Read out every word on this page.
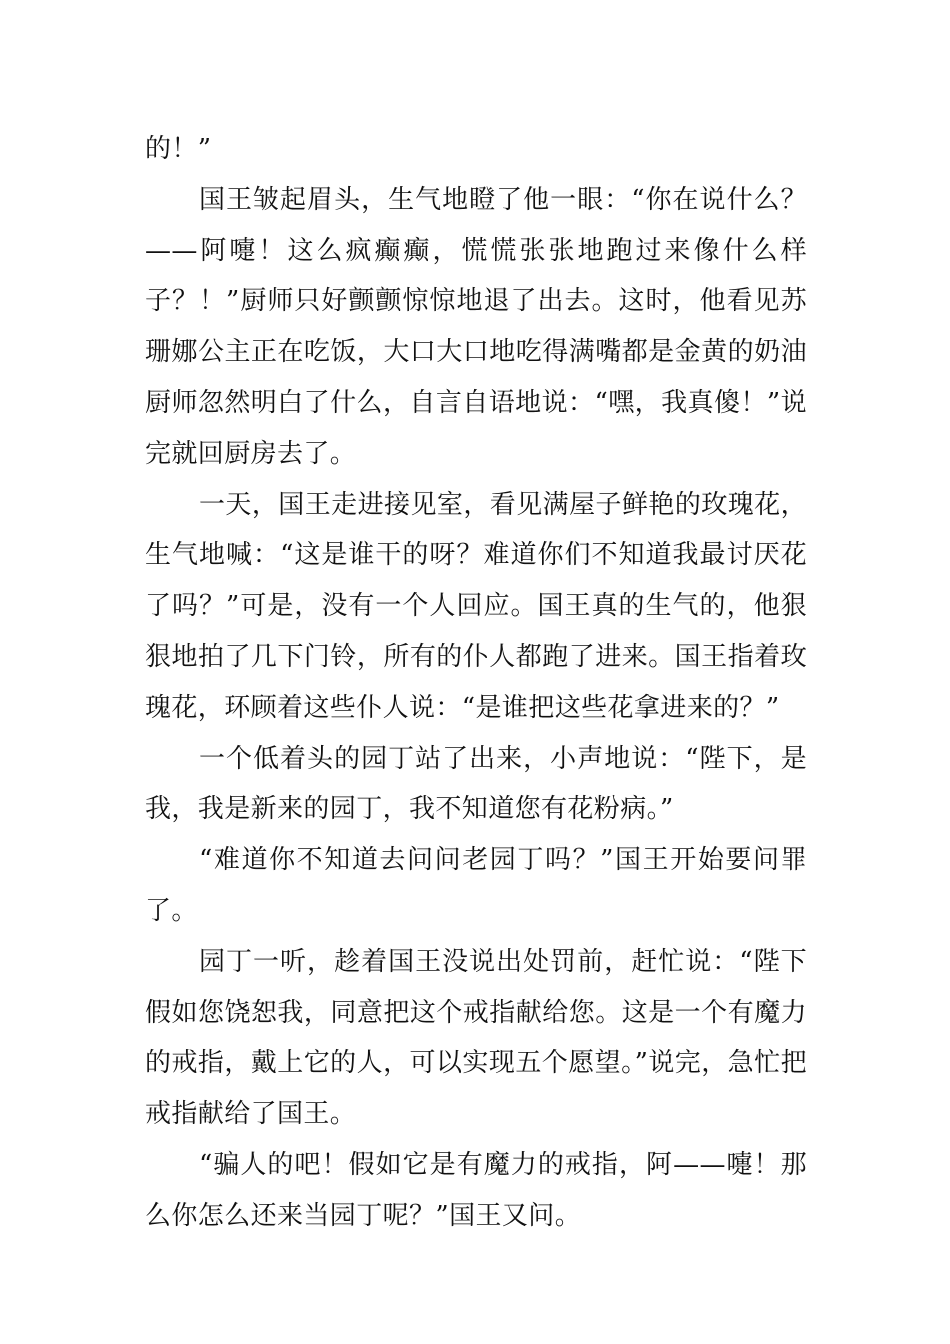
的！”

国王皱起眉头，生气地瞪了他一眼：“你在说什么？——阿嚏！这么疯癫癫，慌慌张张地跑过来像什么样子？！”厨师只好颤颤惊惊地退了出去。这时，他看见苏珊娜公主正在吃饭，大口大口地吃得满嘴都是金黄的奶油厨师忽然明白了什么，自言自语地说：“嘿，我真傻！”说完就回厨房去了。

一天，国王走进接见室，看见满屋子鲜艳的玫瑰花，生气地喊：“这是谁干的呀？难道你们不知道我最讨厌花了吗？”可是，没有一个人回应。国王真的生气的，他狠狠地拍了几下门铃，所有的仆人都跑了进来。国王指着玫瑰花，环顾着这些仆人说：“是谁把这些花拿进来的？”

一个低着头的园丁站了出来，小声地说：“陛下，是我，我是新来的园丁，我不知道您有花粉病。”

“难道你不知道去问问老园丁吗？”国王开始要问罪了。

园丁一听，趁着国王没说出处罚前，赶忙说：“陛下假如您饶恕我，同意把这个戒指献给您。这是一个有魔力的戒指，戴上它的人，可以实现五个愿望。”说完，急忙把戒指献给了国王。

“骗人的吧！假如它是有魔力的戒指，阿——嚏！那么你怎么还来当园丁呢？”国王又问。
